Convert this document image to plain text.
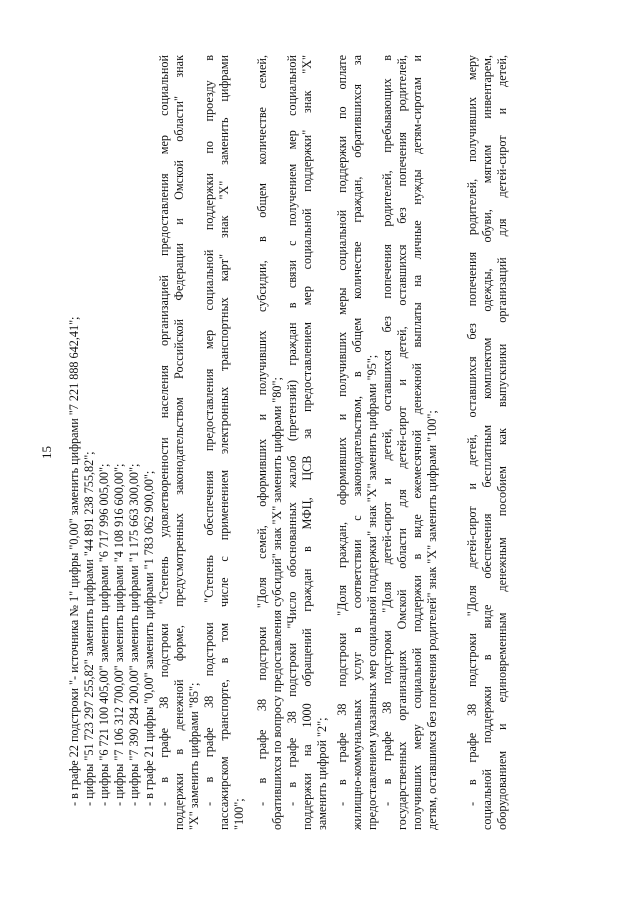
15 - в графе 22 подстроки "- источника № 1" цифры "0,00" заменить цифрами "7 221 888 642,41"; - цифры "51 723 297 255,82" заменить цифрами "44 891 238 755,82"; - цифры "6 721 100 405,00" заменить цифрами "6 717 996 005,00"; - цифры "7 106 312 700,00" заменить цифрами "4 108 916 600,00"; - цифры "7 390 284 200,00" заменить цифрами "1 175 663 300,00"; - в графе 21 цифры "0,00" заменить цифрами "1 783 062 900,00"; - в графе 38 подстроки "Степень удовлетворенности населения организацией предоставления мер социальной поддержки в денежной форме, предусмотренных законодательством Российской Федерации и Омской области" знак "Х" заменить цифрами "85"; - в графе 38 подстроки "Степень обеспечения предоставления мер социальной поддержки по проезду в пассажирском транспорте, в том числе с применением электронных транспортных карт" знак "Х" заменить цифрами "100";
- в графе 38 подстроки "Доля семей, оформивших и получивших субсидии, в общем количестве семей, обратившихся по вопросу предоставления субсидий" знак "Х" заменить цифрами "80"; - в графе 38 подстроки "Число обоснованных жалоб (претензий) граждан в связи с получением мер социальной поддержки на 1000 обращений граждан в МФЦ, ЦСВ за предоставлением мер социальной поддержки" знак "Х" заменить цифрой "2"; - в графе 38 подстроки "Доля граждан, оформивших и получивших меры социальной поддержки по оплате жилищно-коммунальных услуг в соответствии с законодательством, в общем количестве граждан, обратившихся за предоставлением указанных мер социальной поддержки" знак "Х" заменить цифрами "95"; - в графе 38 подстроки "Доля детей-сирот и детей, оставшихся без попечения родителей, пребывающих в государственных организациях Омской области для детей-сирот и детей, оставшихся без попечения родителей, получивших меру социальной поддержки в виде ежемесячной денежной выплаты на личные нужды детям-сиротам и детям, оставшимся без попечения родителей" знак "Х" заменить цифрами "100"; - в графе 38 подстроки "Доля детей-сирот и детей, оставшихся без попечения родителей, получивших меру социальной поддержки в виде обеспечения бесплатным комплектом одежды, обуви, мягким инвентарем, оборудованием и единовременным денежным пособием как выпускники организаций для детей-сирот и детей,
